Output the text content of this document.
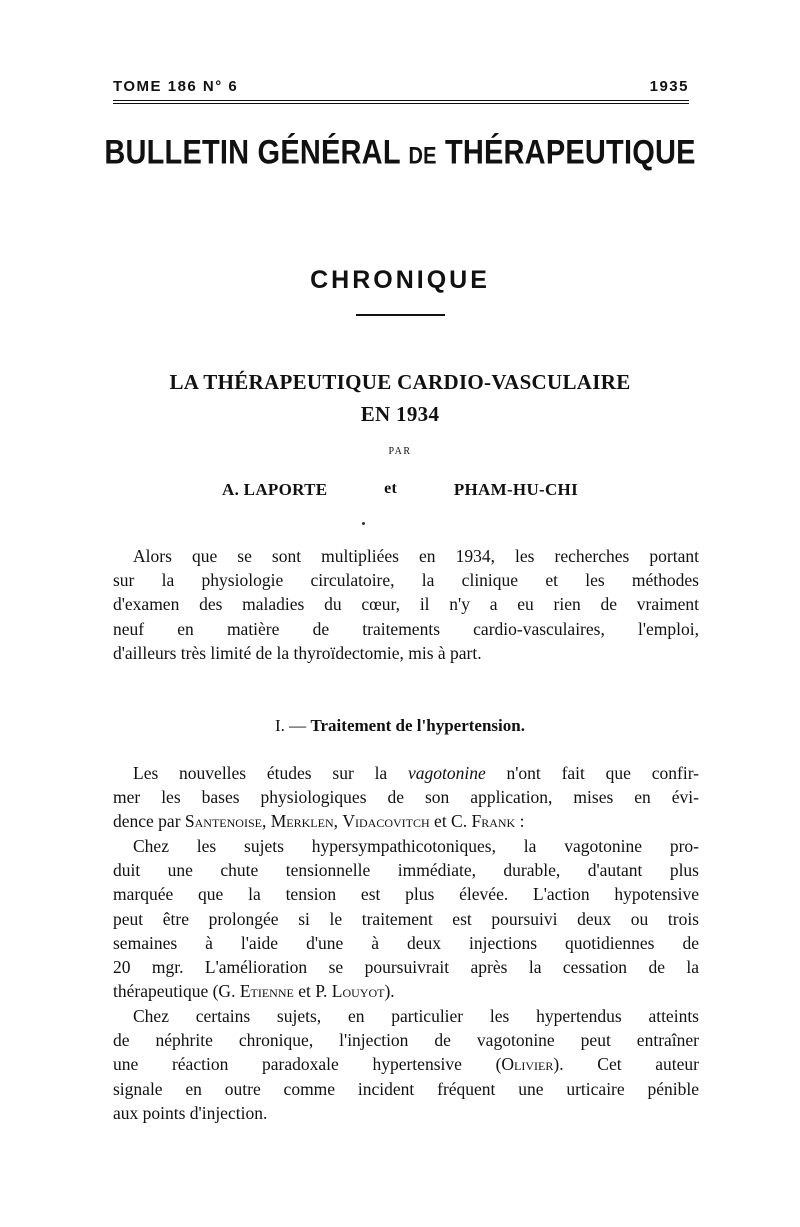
TOME 186 N° 6	1935
BULLETIN GÉNÉRAL DE THÉRAPEUTIQUE
CHRONIQUE
LA THÉRAPEUTIQUE CARDIO-VASCULAIRE
EN 1934
PAR
A. LAPORTE	et	PHAM-HU-CHI

Alors que se sont multipliées en 1934, les recherches portant
sur la physiologie circulatoire, la clinique et les méthodes
d'examen des maladies du cœur, il n'y a eu rien de vraiment
neuf en matière de traitements cardio-vasculaires, l'emploi,
d'ailleurs très limité de la thyroïdectomie, mis à part.

I. — Traitement de l'hypertension.

Les nouvelles études sur la vagotonine n'ont fait que confir-
mer les bases physiologiques de son application, mises en évi-
dence par Santenoise, Merklen, Vidacovitch et C. Frank :

Chez les sujets hypersympathicotoniques, la vagotonine pro-
duit une chute tensionnelle immédiate, durable, d'autant plus
marquée que la tension est plus élevée. L'action hypotensive
peut être prolongée si le traitement est poursuivi deux ou trois
semaines à l'aide d'une à deux injections quotidiennes de
20 mgr. L'amélioration se poursuivrait après la cessation de la
thérapeutique (G. Etienne et P. Louyot).

Chez certains sujets, en particulier les hypertendus atteints
de néphrite chronique, l'injection de vagotonine peut entraîner
une réaction paradoxale hypertensive (Olivier). Cet auteur
signale en outre comme incident fréquent une urticaire pénible
aux points d'injection.
